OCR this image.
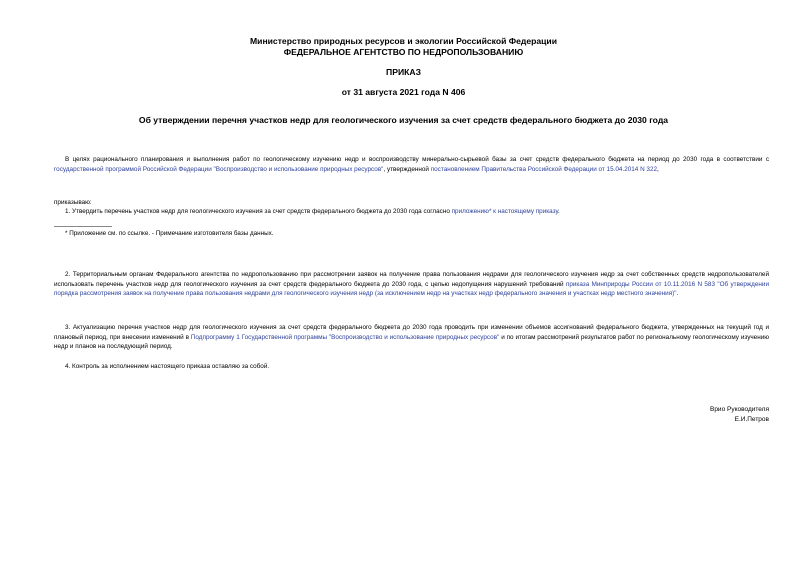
Министерство природных ресурсов и экологии Российской Федерации
ФЕДЕРАЛЬНОЕ АГЕНТСТВО ПО НЕДРОПОЛЬЗОВАНИЮ
ПРИКАЗ
от 31 августа 2021 года N 406
Об утверждении перечня участков недр для геологического изучения за счет средств федерального бюджета до 2030 года
В целях рационального планирования и выполнения работ по геологическому изучению недр и воспроизводству минерально-сырьевой базы за счет средств федерального бюджета на период до 2030 года в соответствии с государственной программой Российской Федерации "Воспроизводство и использование природных ресурсов", утвержденной постановлением Правительства Российской Федерации от 15.04.2014 N 322,
приказываю:
1. Утвердить перечень участков недр для геологического изучения за счет средств федерального бюджета до 2030 года согласно приложению* к настоящему приказу.
* Приложение см. по ссылке. - Примечание изготовителя базы данных.
2. Территориальным органам Федерального агентства по недропользованию при рассмотрении заявок на получение права пользования недрами для геологического изучения недр за счет собственных средств недропользователей использовать перечень участков недр для геологического изучения за счет средств федерального бюджета до 2030 года, с целью недопущения нарушений требований приказа Минприроды России от 10.11.2016 N 583 "Об утверждении порядка рассмотрения заявок на получение права пользования недрами для геологического изучения недр (за исключением недр на участках недр федерального значения и участках недр местного значения)".
3. Актуализацию перечня участков недр для геологического изучения за счет средств федерального бюджета до 2030 года проводить при изменении объемов ассигнований федерального бюджета, утвержденных на текущий год и плановый период, при внесении изменений в Подпрограмму 1 Государственной программы "Воспроизводство и использование природных ресурсов" и по итогам рассмотрений результатов работ по региональному геологическому изучению недр и планов на последующий период.
4. Контроль за исполнением настоящего приказа оставляю за собой.
Врио Руководителя
Е.И.Петров
